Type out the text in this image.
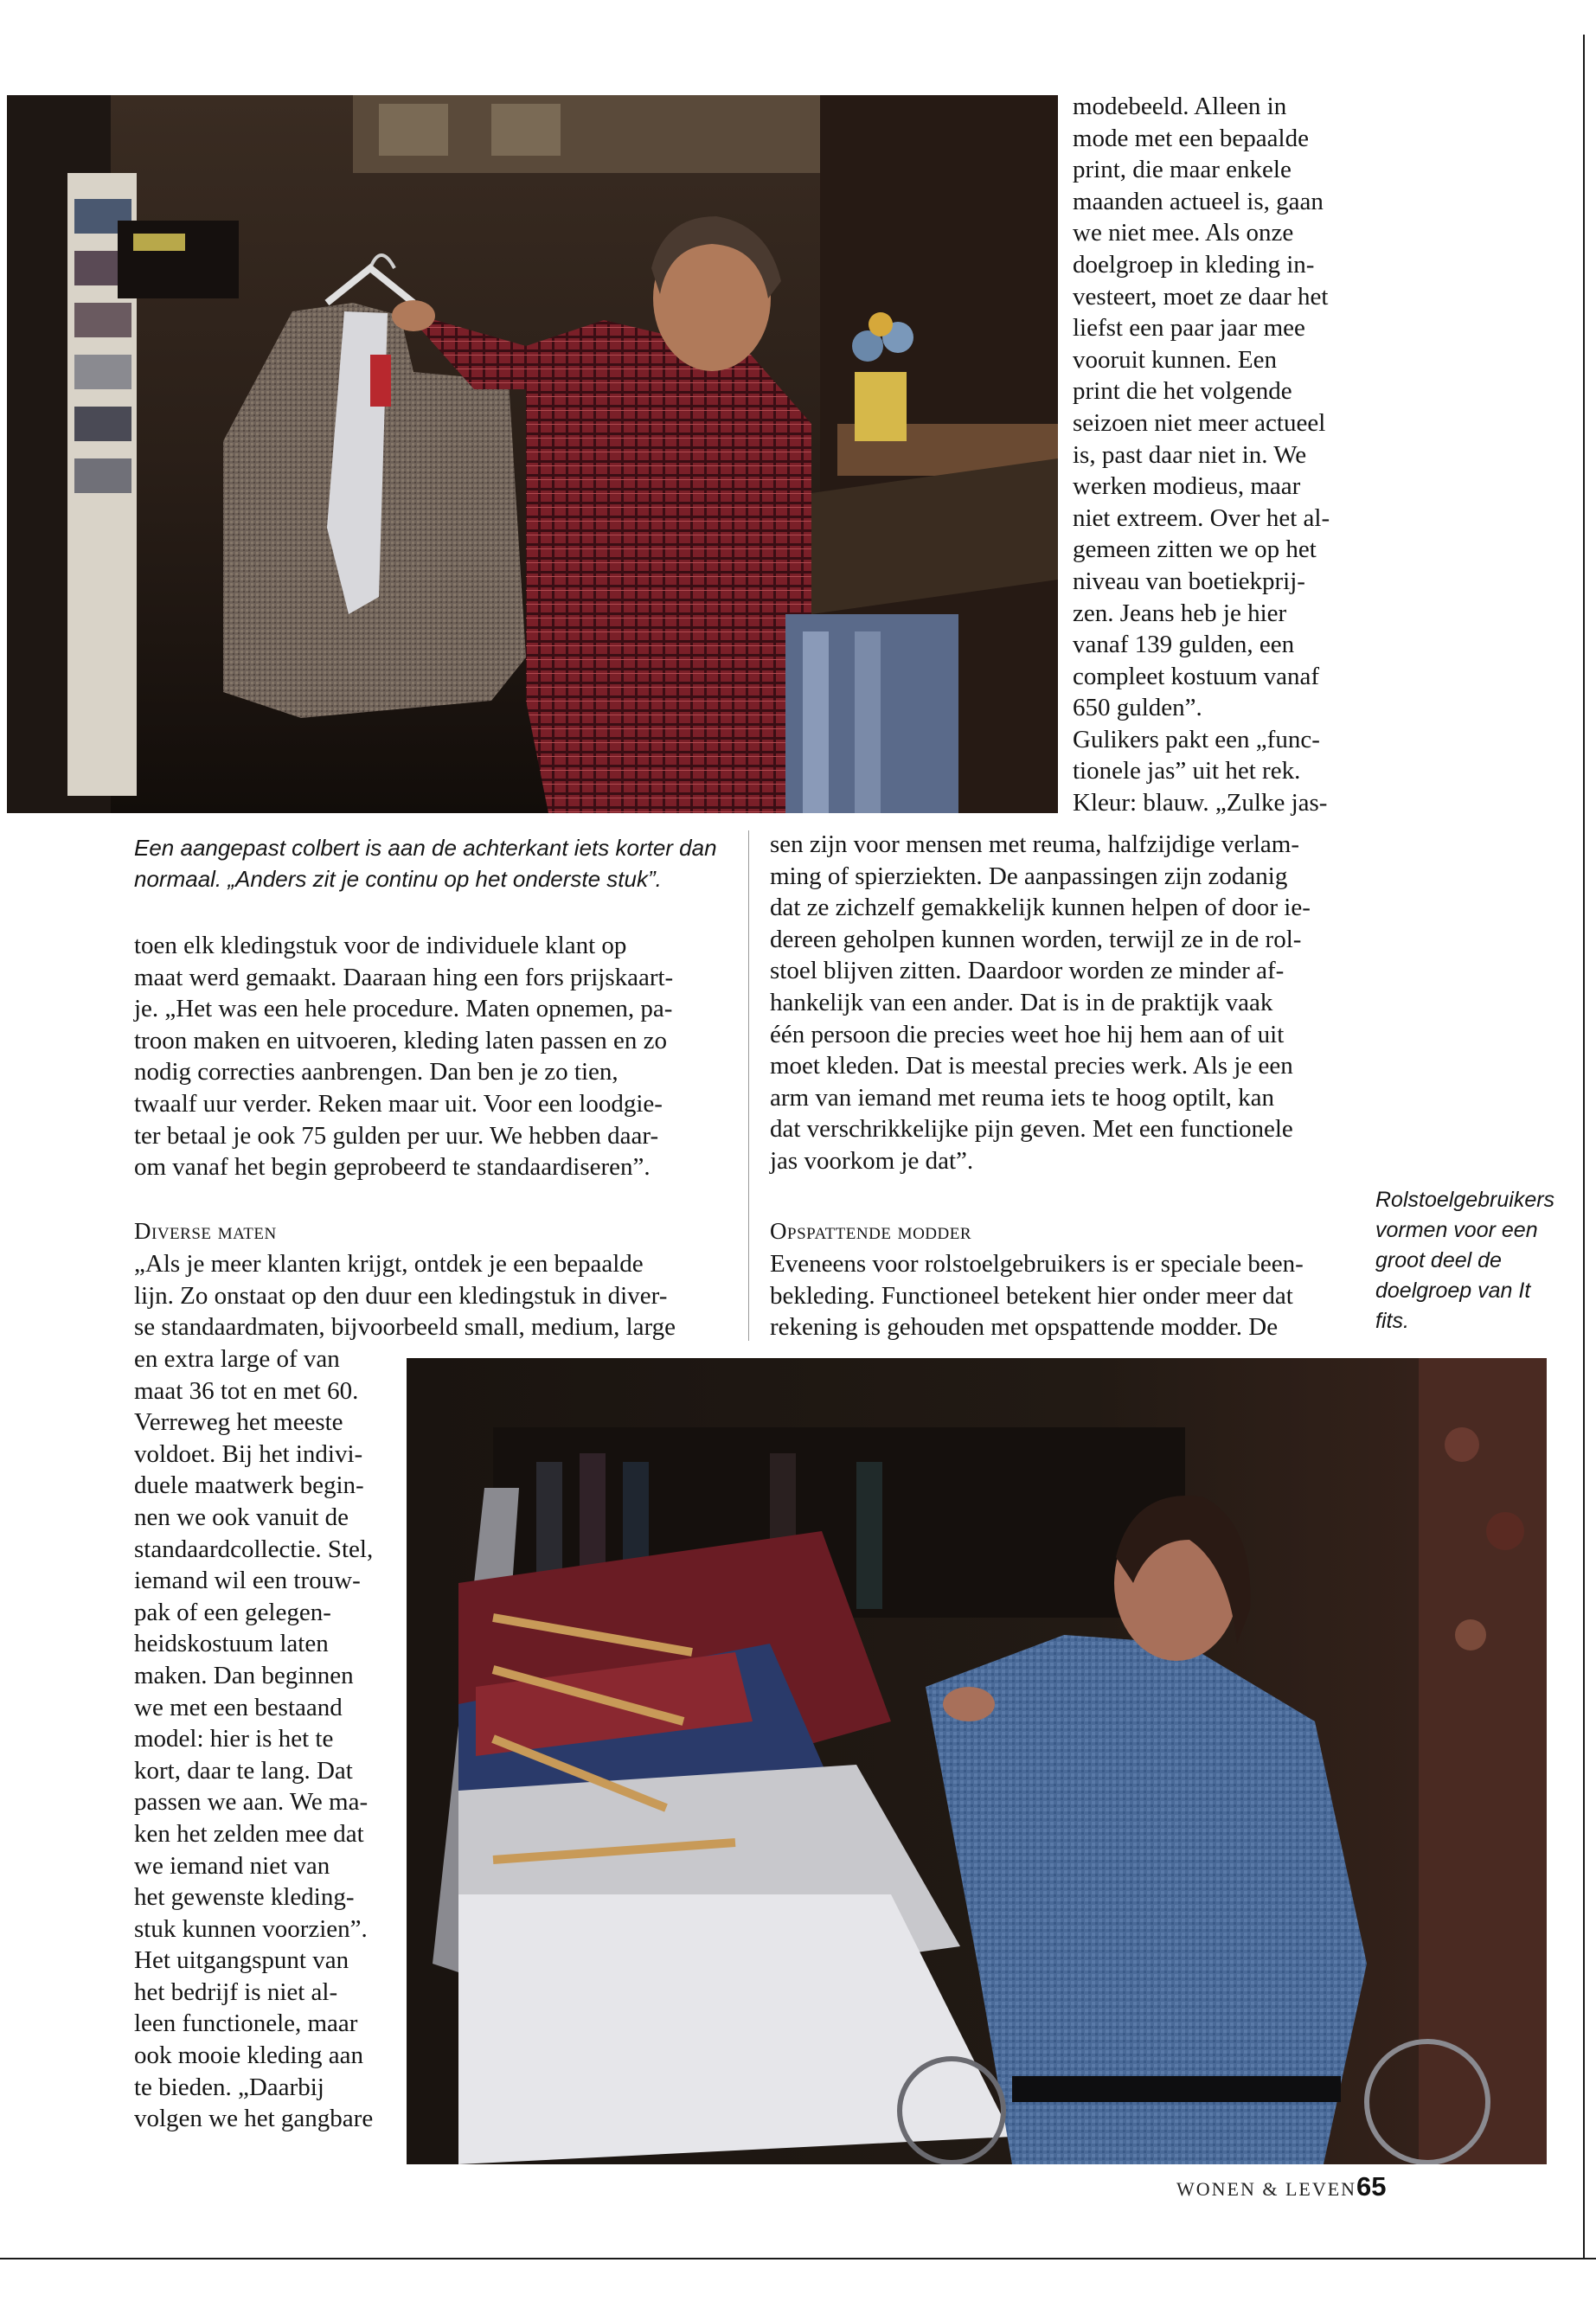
modebeeld. Alleen in

mode met een bepaalde

print, die maar enkele

maanden actueel is, gaan

we niet mee. Als onze

doelgroep in kleding in-

vesteert, moet ze daar het

liefst een paar jaar mee

vooruit kunnen. Een

print die het volgende

seizoen niet meer actueel

is, past daar niet in. We

werken modieus, maar

niet extreem. Over het al-

gemeen zitten we op het

niveau van boetiekprij-

zen. Jeans heb je hier

vanaf 139 gulden, een

compleet kostuum vanaf

650 gulden”.

Gulikers pakt een „func-

tionele jas” uit het rek.

Kleur: blauw. „Zulke jas-

Een aangepast colbert is aan de achterkant iets korter dan normaal. „Anders zit je continu op het onderste stuk”.

sen zijn voor mensen met reuma, halfzijdige verlam-

ming of spierziekten. De aanpassingen zijn zodanig

dat ze zichzelf gemakkelijk kunnen helpen of door ie-

dereen geholpen kunnen worden, terwijl ze in de rol-

stoel blijven zitten. Daardoor worden ze minder af-

hankelijk van een ander. Dat is in de praktijk vaak

één persoon die precies weet hoe hij hem aan of uit

moet kleden. Dat is meestal precies werk. Als je een

arm van iemand met reuma iets te hoog optilt, kan

dat verschrikkelijke pijn geven. Met een functionele

jas voorkom je dat”.

Opspattende modder

Eveneens voor rolstoelgebruikers is er speciale been-

bekleding. Functioneel betekent hier onder meer dat

rekening is gehouden met opspattende modder. De

Rolstoelgebruikers vormen voor een groot deel de doelgroep van It fits.

toen elk kledingstuk voor de individuele klant op

maat werd gemaakt. Daaraan hing een fors prijskaart-

je. „Het was een hele procedure. Maten opnemen, pa-

troon maken en uitvoeren, kleding laten passen en zo

nodig correcties aanbrengen. Dan ben je zo tien,

twaalf uur verder. Reken maar uit. Voor een loodgie-

ter betaal je ook 75 gulden per uur. We hebben daar-

om vanaf het begin geprobeerd te standaardiseren”.

Diverse maten

„Als je meer klanten krijgt, ontdek je een bepaalde

lijn. Zo onstaat op den duur een kledingstuk in diver-

se standaardmaten, bijvoorbeeld small, medium, large

en extra large of van

maat 36 tot en met 60.

Verreweg het meeste

voldoet. Bij het indivi-

duele maatwerk begin-

nen we ook vanuit de

standaardcollectie. Stel,

iemand wil een trouw-

pak of een gelegen-

heidskostuum laten

maken. Dan beginnen

we met een bestaand

model: hier is het te

kort, daar te lang. Dat

passen we aan. We ma-

ken het zelden mee dat

we iemand niet van

het gewenste kleding-

stuk kunnen voorzien”.

Het uitgangspunt van

het bedrijf is niet al-

leen functionele, maar

ook mooie kleding aan

te bieden. „Daarbij

volgen we het gangbare

WONEN & LEVEN 65
